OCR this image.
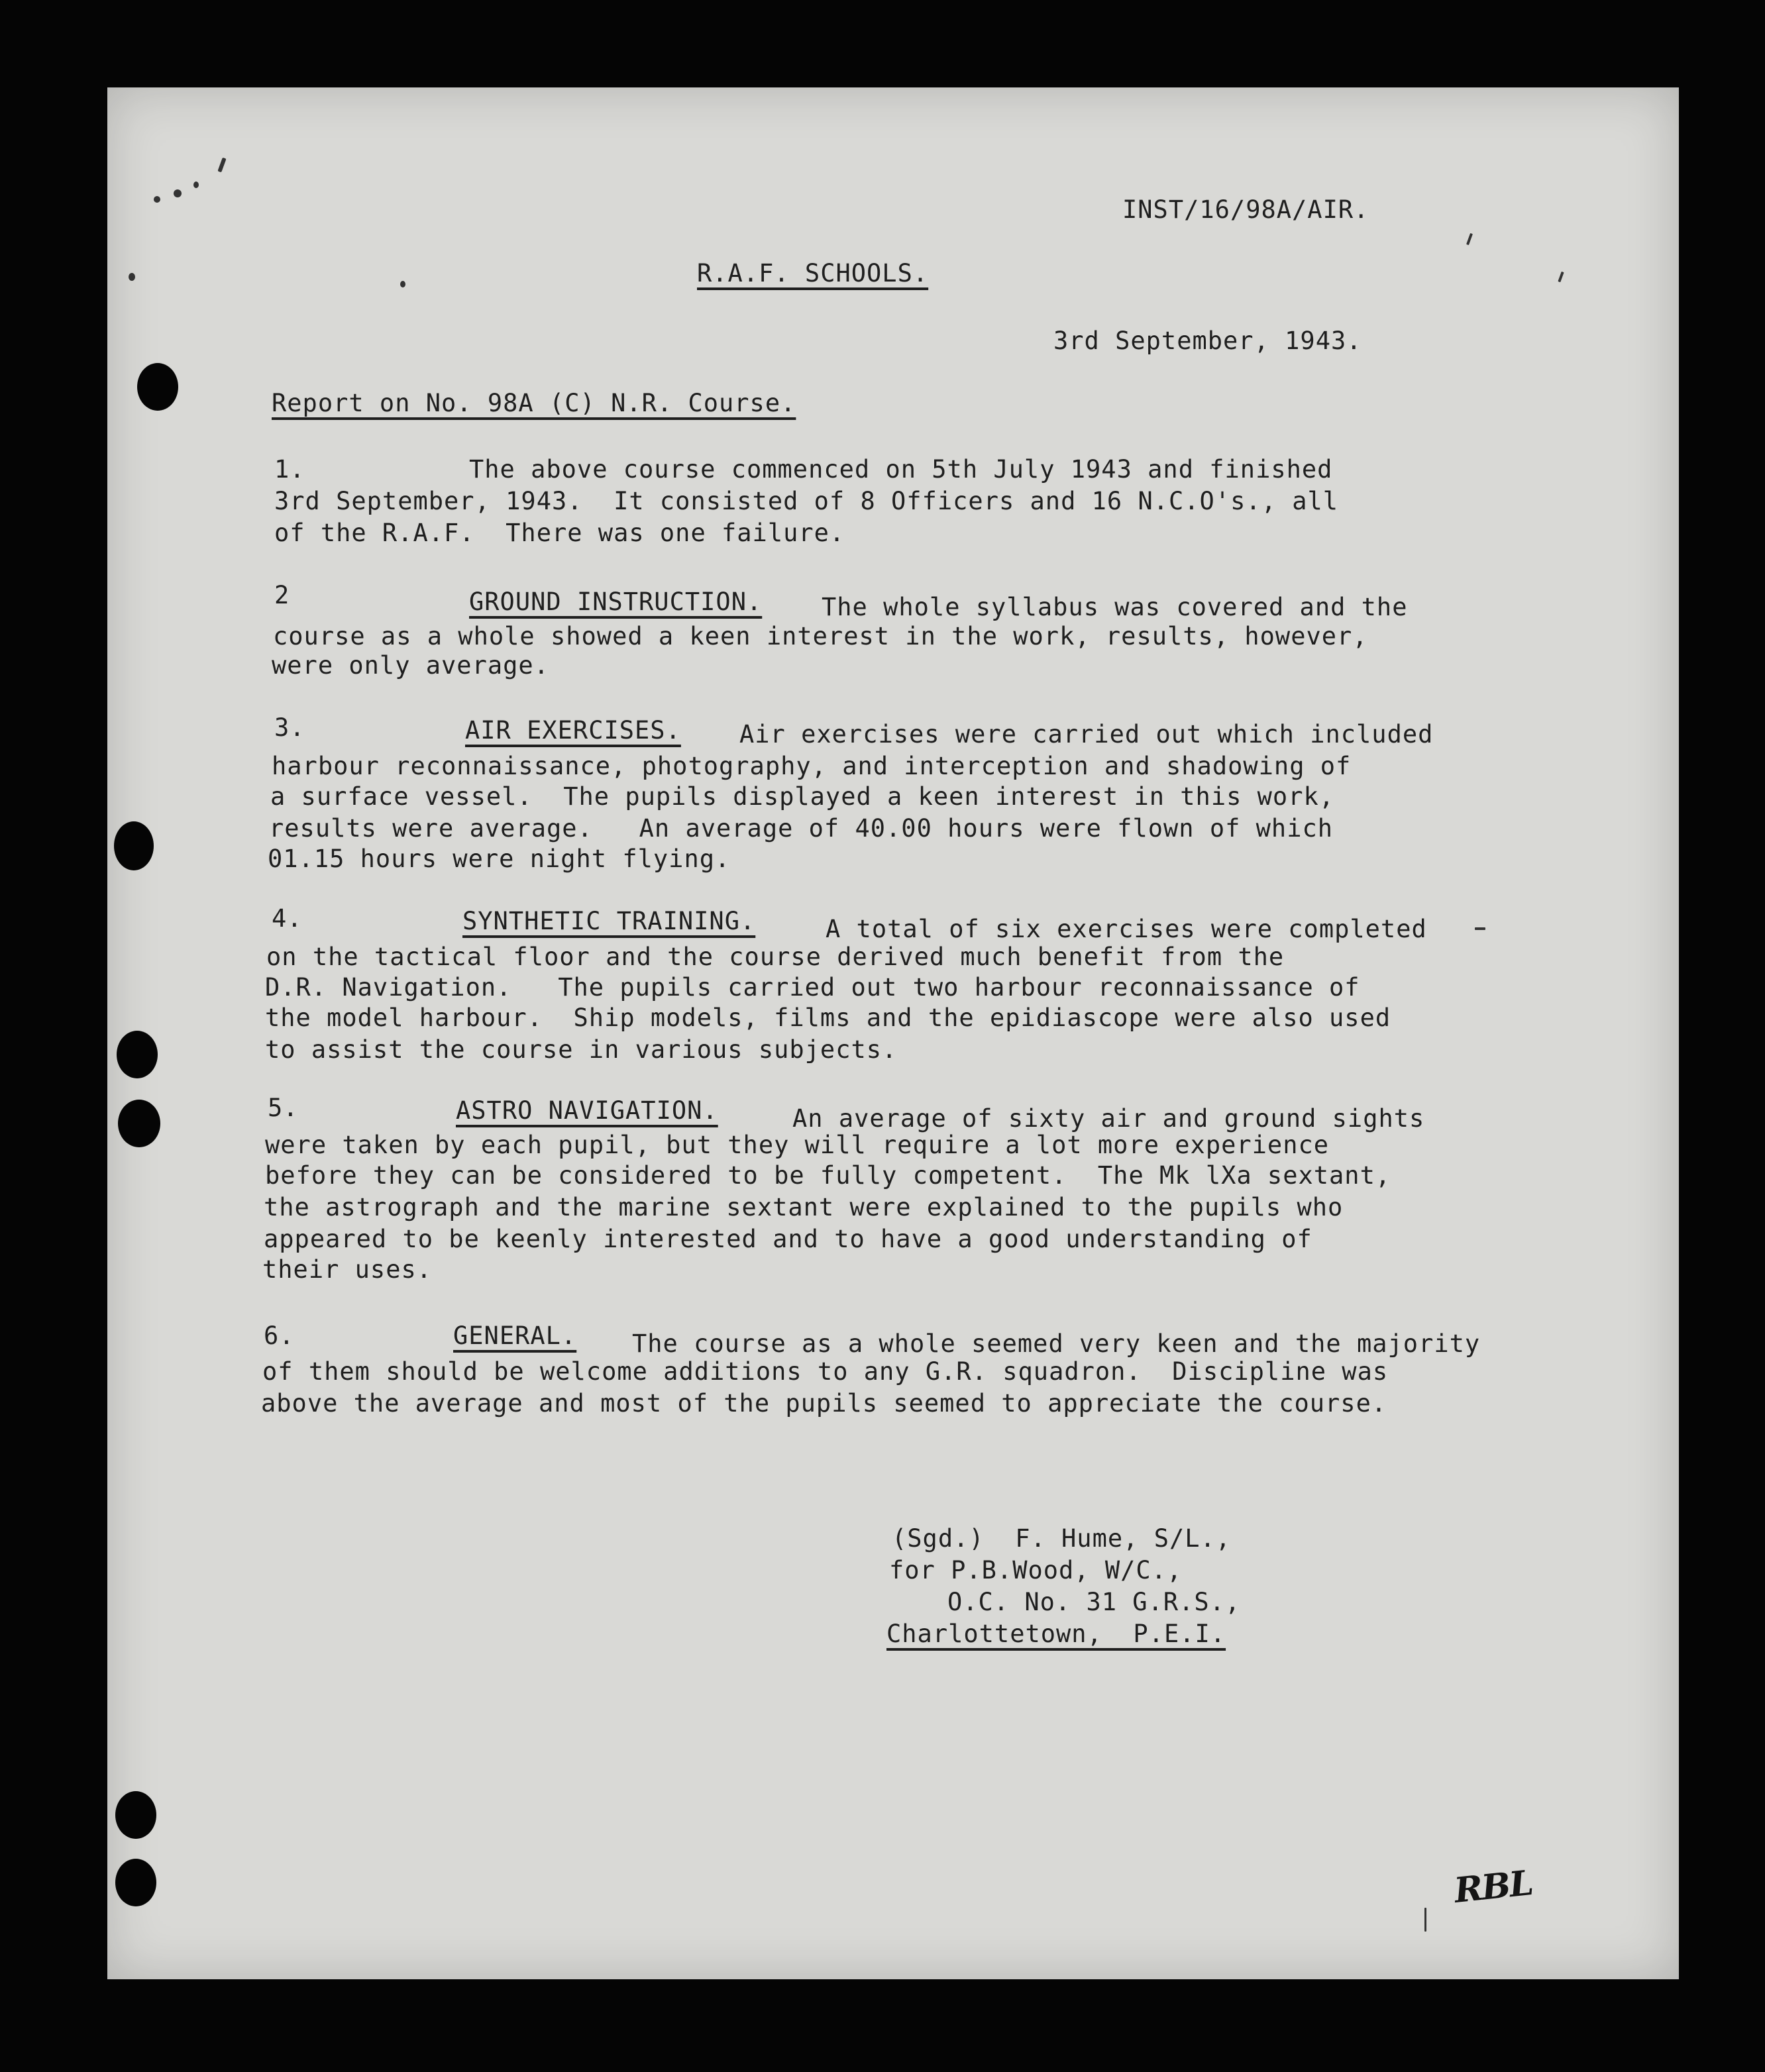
INST/16/98A/AIR.
R.A.F. SCHOOLS.
3rd September, 1943.
Report on No. 98A (C) N.R. Course.
1.	The above course commenced on 5th July 1943 and finished
3rd September, 1943.  It consisted of 8 Officers and 16 N.C.O's., all
of the R.A.F.  There was one failure.
2	GROUND INSTRUCTION. The whole syllabus was covered and the
course as a whole showed a keen interest in the work, results, however,
were only average.
3.	AIR EXERCISES. Air exercises were carried out which included
harbour reconnaissance, photography, and interception and shadowing of
a surface vessel.  The pupils displayed a keen interest in this work,
results were average.   An average of 40.00 hours were flown of which
01.15 hours were night flying.
4.	SYNTHETIC TRAINING.	A total of six exercises were completed
on the tactical floor and the course derived much benefit from the
D.R. Navigation.   The pupils carried out two harbour reconnaissance of
the model harbour.  Ship models, films and the epidiascope were also used
to assist the course in various subjects.
5.	ASTRO NAVIGATION.	An average of sixty air and ground sights
were taken by each pupil, but they will require a lot more experience
before they can be considered to be fully competent.  The Mk lXa sextant,
the astrograph and the marine sextant were explained to the pupils who
appeared to be keenly interested and to have a good understanding of
their uses.
6.	GENERAL. The course as a whole seemed very keen and the majority
of them should be welcome additions to any G.R. squadron.  Discipline was
above the average and most of the pupils seemed to appreciate the course.
(Sgd.)  F. Hume, S/L.,
for P.B.Wood, W/C.,
O.C. No. 31 G.R.S.,
Charlottetown,  P.E.I.
RBL
